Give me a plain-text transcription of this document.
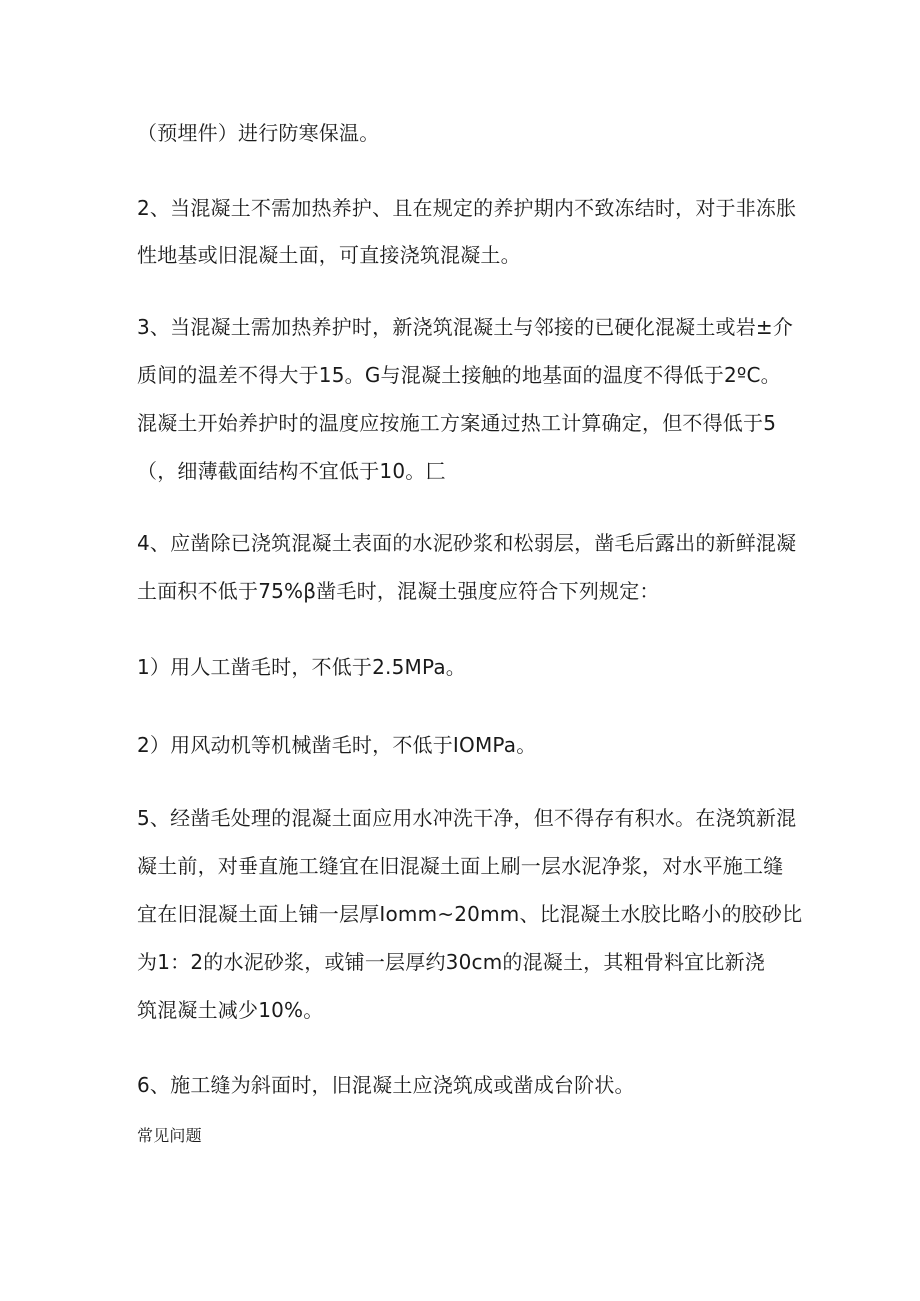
（预埋件）进行防寒保温。
2、当混凝土不需加热养护、且在规定的养护期内不致冻结时，对于非冻胀
性地基或旧混凝土面，可直接浇筑混凝土。
3、当混凝土需加热养护时，新浇筑混凝土与邻接的已硬化混凝土或岩±介
质间的温差不得大于15。G与混凝土接触的地基面的温度不得低于2ºC。
混凝土开始养护时的温度应按施工方案通过热工计算确定，但不得低于5
（，细薄截面结构不宜低于10。匚
4、应凿除已浇筑混凝土表面的水泥砂浆和松弱层，凿毛后露出的新鲜混凝
土面积不低于75%β凿毛时，混凝土强度应符合下列规定：
1）用人工凿毛时，不低于2.5MPa。
2）用风动机等机械凿毛时，不低于IOMPa。
5、经凿毛处理的混凝土面应用水冲洗干净，但不得存有积水。在浇筑新混
凝土前，对垂直施工缝宜在旧混凝土面上刷一层水泥净浆，对水平施工缝
宜在旧混凝土面上铺一层厚Iomm~20mm、比混凝土水胶比略小的胶砂比
为1：2的水泥砂浆，或铺一层厚约30cm的混凝土，其粗骨料宜比新浇
筑混凝土减少10%。
6、施工缝为斜面时，旧混凝土应浇筑成或凿成台阶状。
常见问题
